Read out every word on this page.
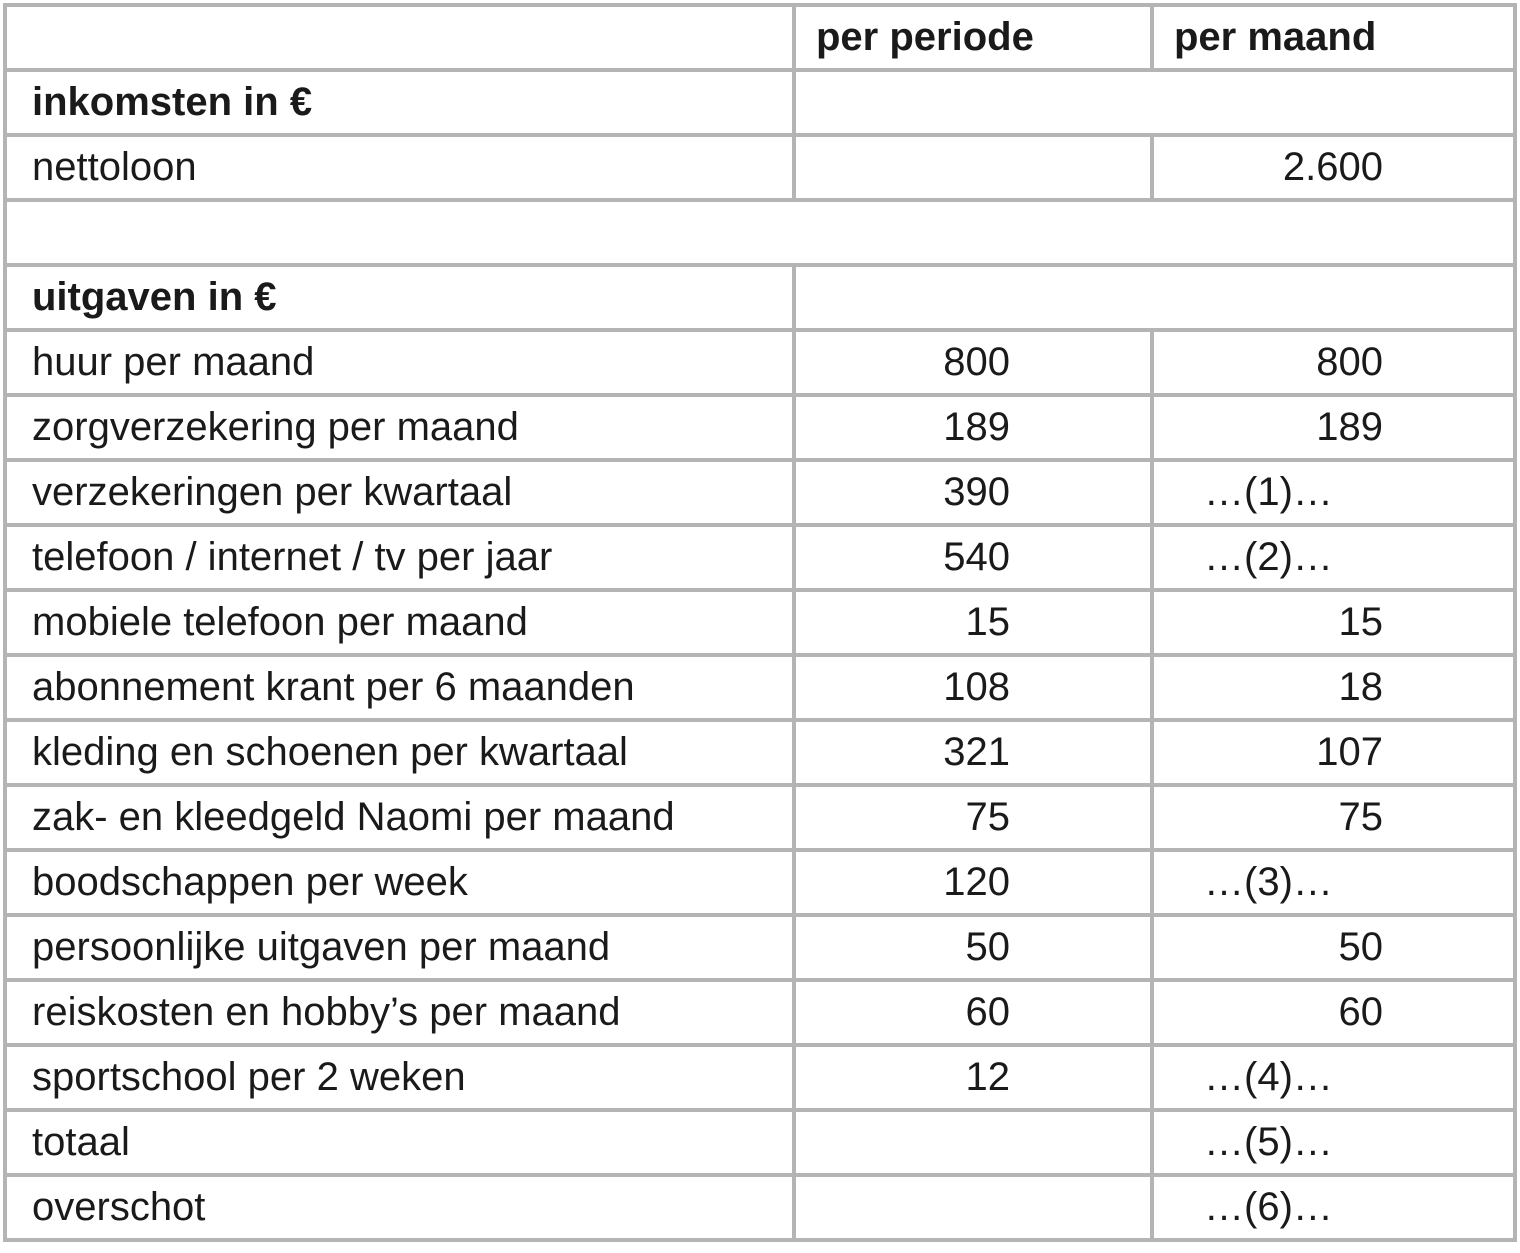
	per periode	per maand
inkomsten in €		
nettoloon		2.600

uitgaven in €		
huur per maand	800	800
zorgverzekering per maand	189	189
verzekeringen per kwartaal	390	…(1)…
telefoon / internet / tv per jaar	540	…(2)…
mobiele telefoon per maand	15	15
abonnement krant per 6 maanden	108	18
kleding en schoenen per kwartaal	321	107
zak- en kleedgeld Naomi per maand	75	75
boodschappen per week	120	…(3)…
persoonlijke uitgaven per maand	50	50
reiskosten en hobby’s per maand	60	60
sportschool per 2 weken	12	…(4)…
totaal		…(5)…
overschot		…(6)…
